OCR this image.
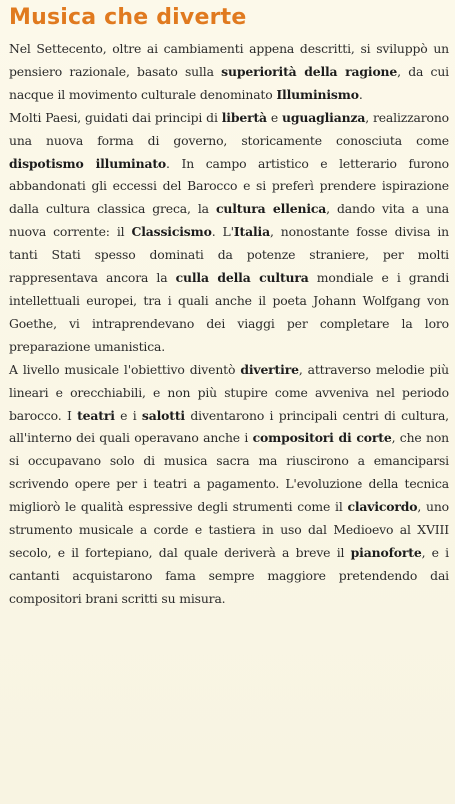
Musica che diverte

Nel Settecento, oltre ai cambiamenti appena descritti, si sviluppò un pensiero razionale, basato sulla superiorità della ragione, da cui nacque il movimento culturale denominato Illuminismo.

Molti Paesi, guidati dai principi di libertà e uguaglianza, realizzarono una nuova forma di governo, storicamente conosciuta come dispotismo illuminato. In campo artistico e letterario furono abbandonati gli eccessi del Barocco e si preferì prendere ispirazione dalla cultura classica greca, la cultura ellenica, dando vita a una nuova corrente: il Classicismo. L'Italia, nonostante fosse divisa in tanti Stati spesso dominati da potenze straniere, per molti rappresentava ancora la culla della cultura mondiale e i grandi intellettuali europei, tra i quali anche il poeta Johann Wolfgang von Goethe, vi intraprendevano dei viaggi per completare la loro preparazione umanistica.

A livello musicale l'obiettivo diventò divertire, attraverso melodie più lineari e orecchiabili, e non più stupire come avveniva nel periodo barocco. I teatri e i salotti diventarono i principali centri di cultura, all'interno dei quali operavano anche i compositori di corte, che non si occupavano solo di musica sacra ma riuscirono a emanciparsi scrivendo opere per i teatri a pagamento. L'evoluzione della tecnica migliorò le qualità espressive degli strumenti come il clavicordo, uno strumento musicale a corde e tastiera in uso dal Medioevo al XVIII secolo, e il fortepiano, dal quale deriverà a breve il pianoforte, e i cantanti acquistarono fama sempre maggiore pretendendo dai compositori brani scritti su misura.
